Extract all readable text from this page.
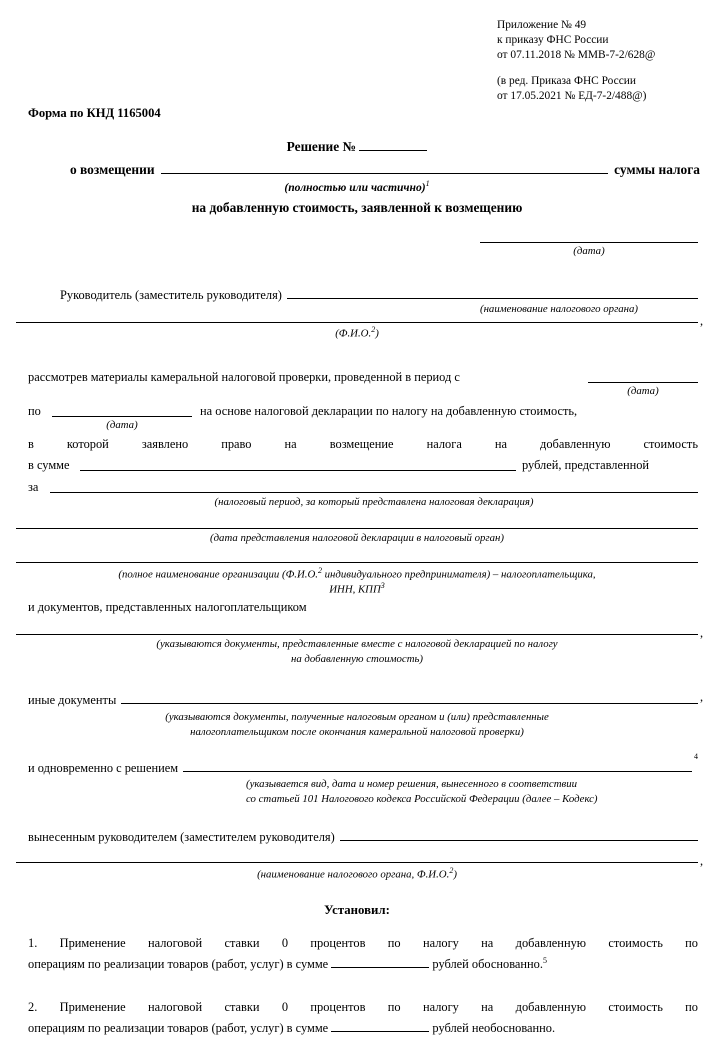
Приложение № 49
к приказу ФНС России
от 07.11.2018 № ММВ-7-2/628@
(в ред. Приказа ФНС России
от 17.05.2021 № ЕД-7-2/488@)
Форма по КНД 1165004
Решение №
о возмещении	суммы налога
(полностью или частично)$^1$
на добавленную стоимость, заявленной к возмещению
(дата)
Руководитель (заместитель руководителя)
(наименование налогового органа)
,
(Ф.И.О.$^2$)
рассмотрев материалы камеральной налоговой проверки, проведенной в период с
(дата)
по
(дата)
на основе налоговой декларации по налогу на добавленную стоимость,
в которой заявлено право на возмещение налога на добавленную стоимость
в сумме	рублей, представленной
за
(налоговый период, за который представлена налоговая декларация)
(дата представления налоговой декларации в налоговый орган)
(полное наименование организации (Ф.И.О.$^2$ индивидуального предпринимателя) – налогоплательщика,
ИНН, КПП$^3$
и документов, представленных налогоплательщиком
,
(указываются документы, представленные вместе с налоговой декларацией по налогу
на добавленную стоимость)
иные документы	,
(указываются документы, полученные налоговым органом и (или) представленные
налогоплательщиком после окончания камеральной налоговой проверки)
и одновременно с решением
4
(указывается вид, дата и номер решения, вынесенного в соответствии
со статьей 101 Налогового кодекса Российской Федерации (далее – Кодекс)
вынесенным руководителем (заместителем руководителя)
,
(наименование налогового органа, Ф.И.О.$^2$)
Установил:
1. Применение налоговой ставки 0 процентов по налогу на добавленную стоимость по
операциям по реализации товаров (работ, услуг) в сумме	рублей обоснованно.$^5$
2. Применение налоговой ставки 0 процентов по налогу на добавленную стоимость по
операциям по реализации товаров (работ, услуг) в сумме	рублей необоснованно.
